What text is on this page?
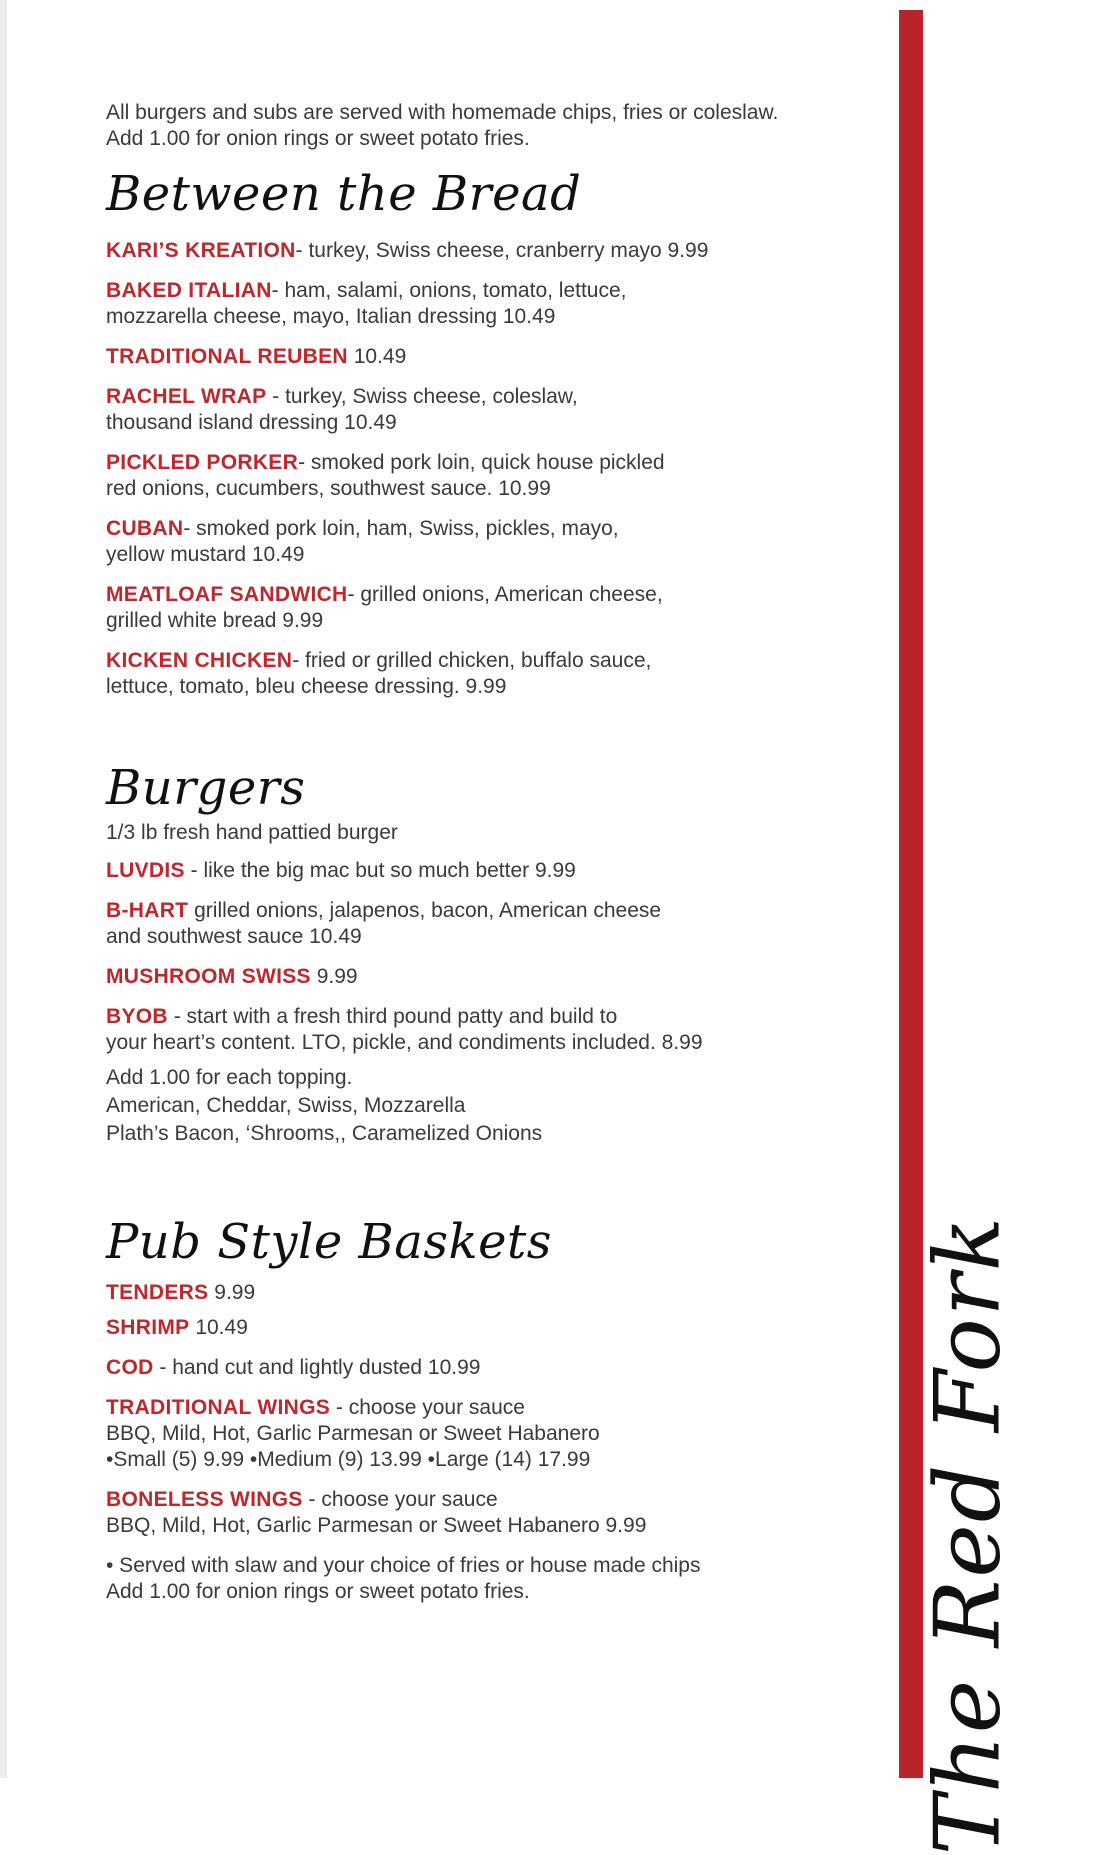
The Red Fork
All burgers and subs are served with homemade chips, fries or coleslaw.
Add 1.00 for onion rings or sweet potato fries.
Between the Bread
KARI’S KREATION- turkey, Swiss cheese, cranberry mayo 9.99
BAKED ITALIAN- ham, salami, onions, tomato, lettuce,
mozzarella cheese, mayo, Italian dressing 10.49
TRADITIONAL REUBEN 10.49
RACHEL WRAP - turkey, Swiss cheese, coleslaw,
thousand island dressing 10.49
PICKLED PORKER- smoked pork loin, quick house pickled
red onions, cucumbers, southwest sauce. 10.99
CUBAN- smoked pork loin, ham, Swiss, pickles, mayo,
yellow mustard 10.49
MEATLOAF SANDWICH- grilled onions, American cheese,
grilled white bread 9.99
KICKEN CHICKEN- fried or grilled chicken, buffalo sauce,
lettuce, tomato, bleu cheese dressing. 9.99
Burgers
1/3 lb fresh hand pattied burger
LUVDIS - like the big mac but so much better 9.99
B-HART grilled onions, jalapenos, bacon, American cheese
and southwest sauce 10.49
MUSHROOM SWISS 9.99
BYOB - start with a fresh third pound patty and build to
your heart’s content. LTO, pickle, and condiments included. 8.99
Add 1.00 for each topping.
American, Cheddar, Swiss, Mozzarella
Plath’s Bacon, ‘Shrooms,, Caramelized Onions
Pub Style Baskets
TENDERS 9.99
SHRIMP 10.49
COD - hand cut and lightly dusted 10.99
TRADITIONAL WINGS - choose your sauce
BBQ, Mild, Hot, Garlic Parmesan or Sweet Habanero
•Small (5) 9.99 •Medium (9) 13.99 •Large (14) 17.99
BONELESS WINGS - choose your sauce
BBQ, Mild, Hot, Garlic Parmesan or Sweet Habanero 9.99
• Served with slaw and your choice of fries or house made chips
Add 1.00 for onion rings or sweet potato fries.
